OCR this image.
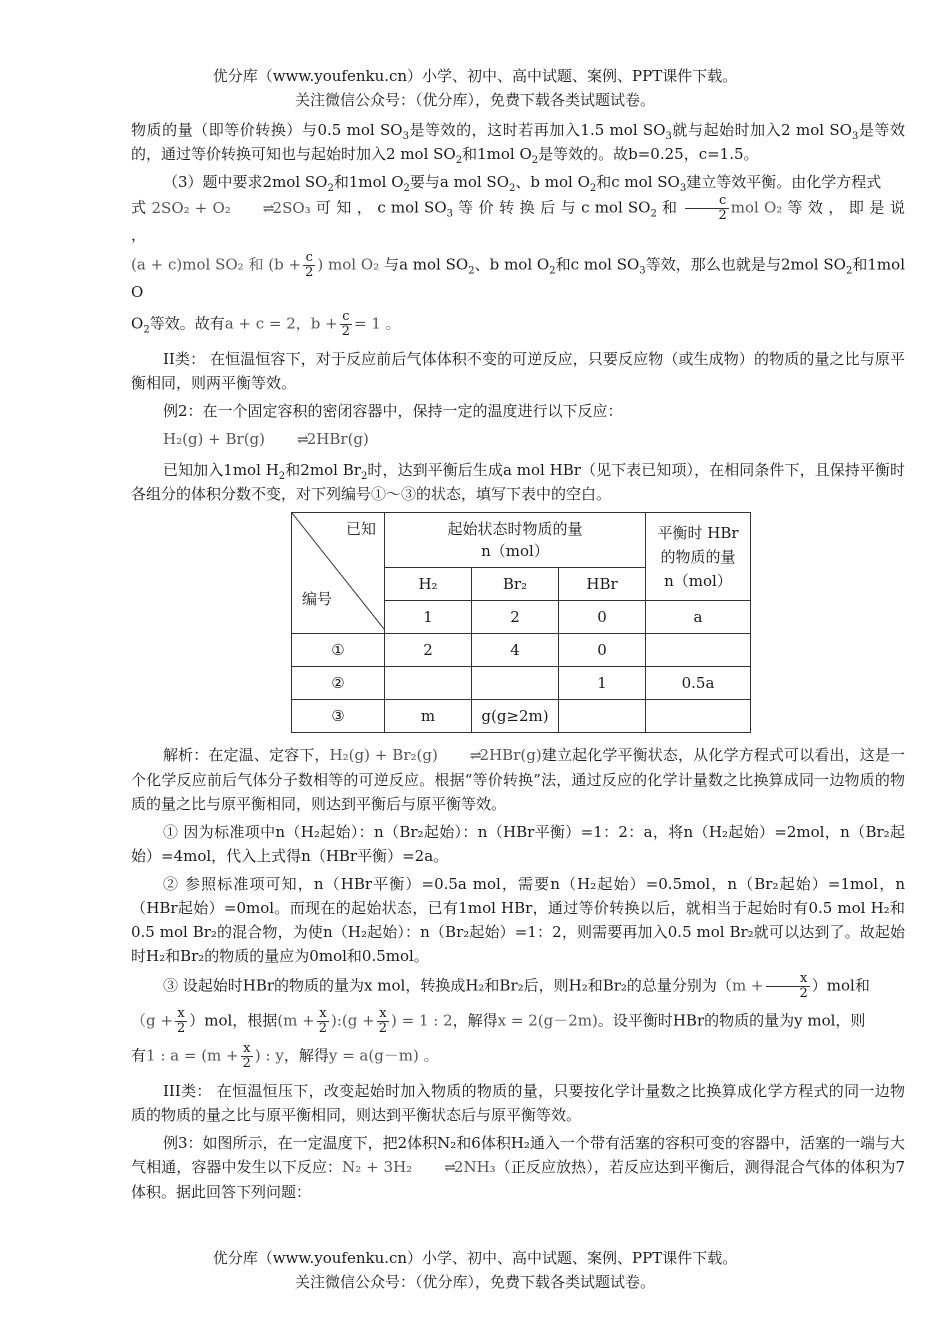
优分库（www.youfenku.cn）小学、初中、高中试题、案例、PPT课件下载。
关注微信公众号：（优分库），免费下载各类试题试卷。

物质的量（即等价转换）与0.5 mol $SO_3$是等效的，这时若再加入1.5 mol $SO_3$就与起始时加入2 mol $SO_3$是等效的，通过等价转换可知也与起始时加入2 mol $SO_2$和1mol $O_2$是等效的。故b=0.25，c=1.5。

（3）题中要求2mol $SO_2$和1mol $O_2$要与a mol $SO_2$、b mol $O_2$和c mol $SO_3$建立等效平衡。由化学方程式
式 2SO₂ + O₂ ⇌2SO₃ 可 知 ， c mol $SO_3$ 等 价 转 换 后 与 c mol $SO_2$ 和 $\frac{c}{2}$ mol O₂ 等 效 ， 即 是 说 ，

(a + c)mol SO₂ 和 ($b + \frac{c}{2}$ ) mol O₂ 与a mol $SO_2$、b mol $O_2$和c mol $SO_3$等效，那么也就是与2mol $SO_2$和1mol O

$O_2$等效。故有a + c = 2，$b + \frac{c}{2} = 1$ 。

II类： 在恒温恒容下，对于反应前后气体体积不变的可逆反应，只要反应物（或生成物）的物质的量之比与原平衡相同，则两平衡等效。

例2：在一个固定容积的密闭容器中，保持一定的温度进行以下反应：

H₂(g) + Br(g) ⇌2HBr(g)

已知加入1mol $H_2$和2mol $Br_2$时，达到平衡后生成a mol HBr（见下表已知项），在相同条件下，且保持平衡时各组分的体积分数不变，对下列编号①～③的状态，填写下表中的空白。

已知
编号	起始状态时物质的量
n（mol）			平衡时 HBr
的物质的量
n（mol）
	H₂	Br₂	HBr	
	1	2	0	a
①	2	4	0	
②			1	0.5a
③	m	g(g≥2m)		

解析：在定温、定容下，H₂(g) + Br₂(g) ⇌2HBr(g)建立起化学平衡状态，从化学方程式可以看出，这是一个化学反应前后气体分子数相等的可逆反应。根据“等价转换”法，通过反应的化学计量数之比换算成同一边物质的物质的量之比与原平衡相同，则达到平衡后与原平衡等效。

① 因为标准项中n（H₂起始）：n（Br₂起始）：n（HBr平衡）=1：2：a，将n（H₂起始）=2mol，n（Br₂起始）=4mol，代入上式得n（HBr平衡）=2a。

② 参照标准项可知，n（HBr平衡）=0.5a mol，需要n（H₂起始）=0.5mol，n（Br₂起始）=1mol，n（HBr起始）=0mol。而现在的起始状态，已有1mol HBr，通过等价转换以后，就相当于起始时有0.5 mol H₂和0.5 mol Br₂的混合物，为使n（H₂起始）：n（Br₂起始）=1：2，则需要再加入0.5 mol Br₂就可以达到了。故起始时H₂和Br₂的物质的量应为0mol和0.5mol。

③ 设起始时HBr的物质的量为x mol，转换成H₂和Br₂后，则H₂和Br₂的总量分别为$(m + \frac{x}{2} )mol$和

$(g + \frac{x}{2} )mol$，根据($m + \frac{x}{2}$ ):(g + $\frac{x}{2}$ ) = 1 : 2，解得x = 2(g－2m)。设平衡时HBr的物质的量为y mol，则

有1 : $a = (m + \frac{x}{2}$ ) : y，解得y = a(g－m) 。

III类： 在恒温恒压下，改变起始时加入物质的物质的量，只要按化学计量数之比换算成化学方程式的同一边物质的物质的量之比与原平衡相同，则达到平衡状态后与原平衡等效。

例3：如图所示，在一定温度下，把2体积N₂和6体积H₂通入一个带有活塞的容积可变的容器中，活塞的一端与大气相通，容器中发生以下反应：N₂ + 3H₂ ⇌2NH₃（正反应放热），若反应达到平衡后，测得混合气体的体积为7体积。据此回答下列问题：

优分库（www.youfenku.cn）小学、初中、高中试题、案例、PPT课件下载。
关注微信公众号：（优分库），免费下载各类试题试卷。
